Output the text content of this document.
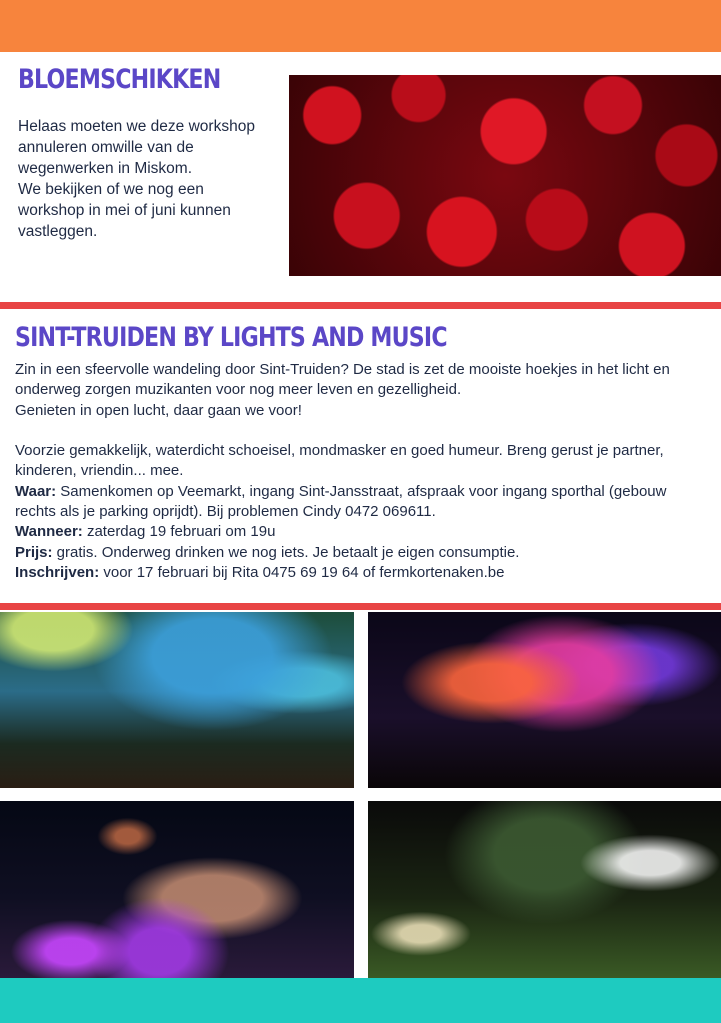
BLOEMSCHIKKEN

Helaas moeten we deze workshop

annuleren omwille van de

wegenwerken in Miskom.

We bekijken of we nog een

workshop in mei of juni kunnen

vastleggen.

SINT-TRUIDEN BY LIGHTS AND MUSIC

Zin in een sfeervolle wandeling door Sint-Truiden? De stad is zet de mooiste hoekjes in het licht en

onderweg zorgen muzikanten voor nog meer leven en gezelligheid.

Genieten in open lucht, daar gaan we voor!

Voorzie gemakkelijk, waterdicht schoeisel, mondmasker en goed humeur. Breng gerust je partner,

kinderen, vriendin... mee.

Waar: Samenkomen op Veemarkt, ingang Sint-Jansstraat, afspraak voor ingang sporthal (gebouw

rechts als je parking oprijdt). Bij problemen Cindy 0472 069611.

Wanneer: zaterdag 19 februari om 19u

Prijs: gratis. Onderweg drinken we nog iets. Je betaalt je eigen consumptie.

Inschrijven: voor 17 februari bij Rita 0475 69 19 64 of fermkortenaken.be
